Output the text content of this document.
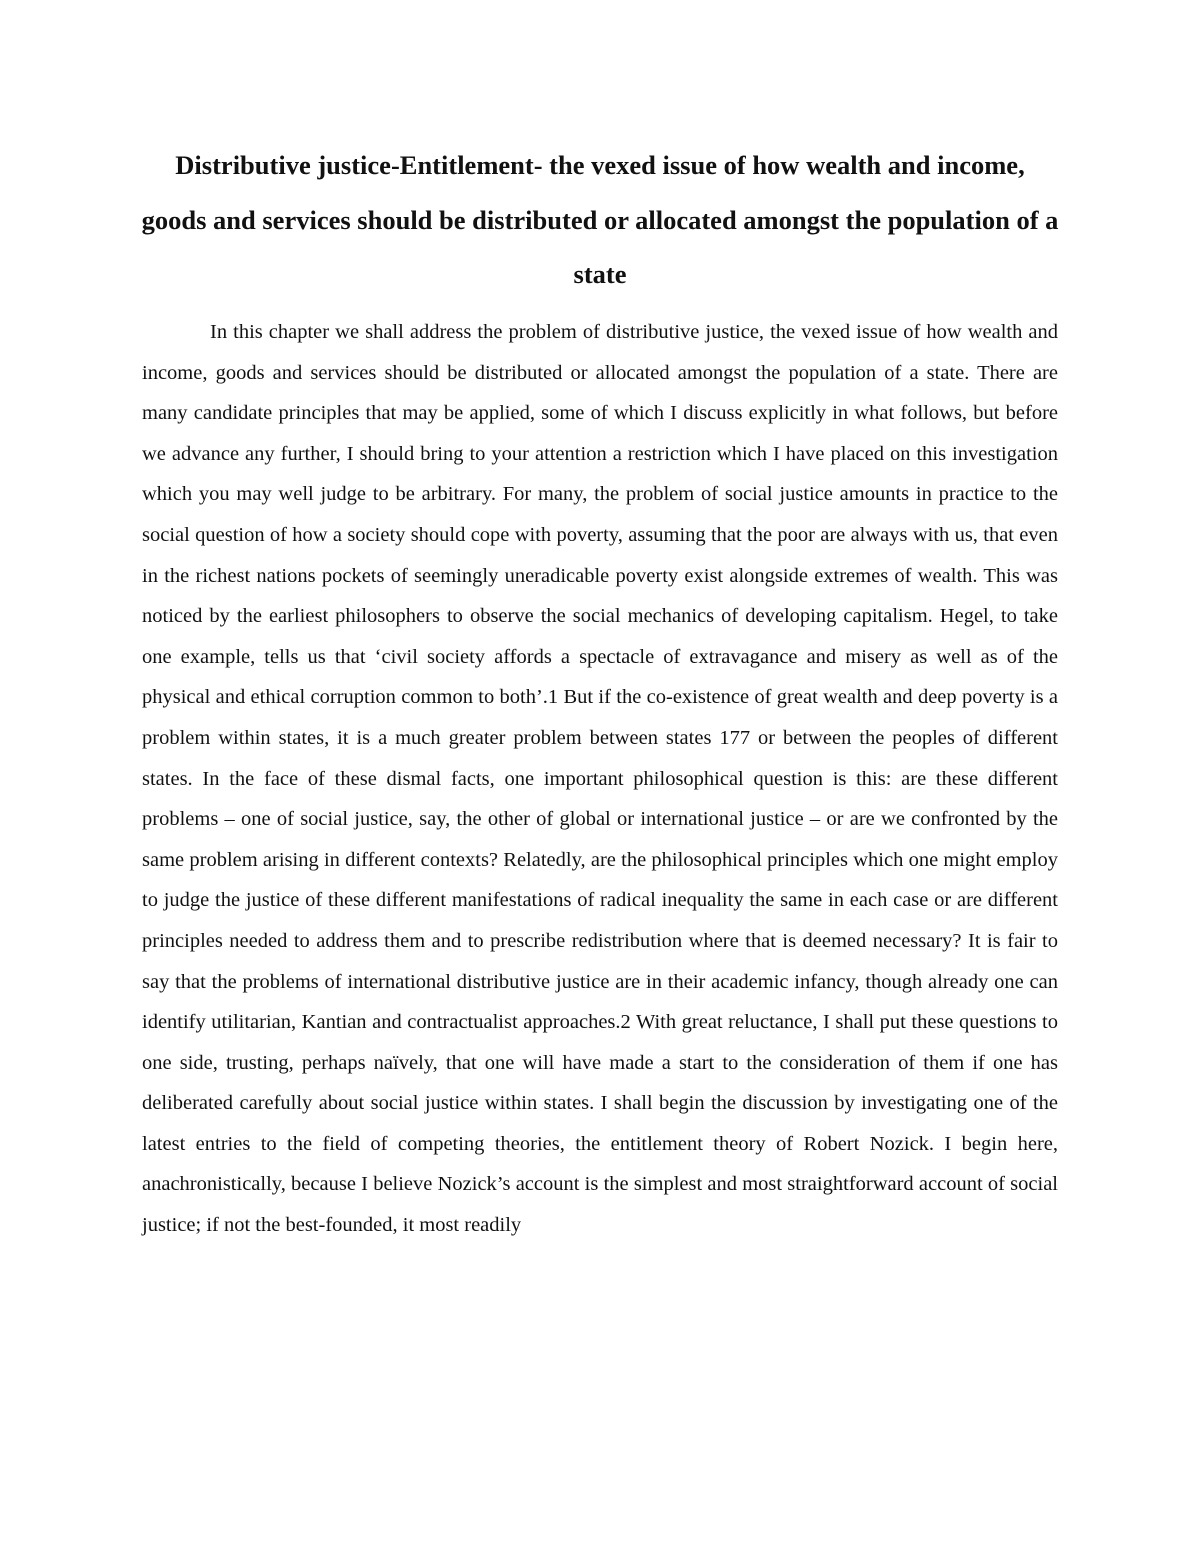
Distributive justice-Entitlement- the vexed issue of how wealth and income, goods and services should be distributed or allocated amongst the population of a state

In this chapter we shall address the problem of distributive justice, the vexed issue of how wealth and income, goods and services should be distributed or allocated amongst the population of a state. There are many candidate principles that may be applied, some of which I discuss explicitly in what follows, but before we advance any further, I should bring to your attention a restriction which I have placed on this investigation which you may well judge to be arbitrary. For many, the problem of social justice amounts in practice to the social question of how a society should cope with poverty, assuming that the poor are always with us, that even in the richest nations pockets of seemingly uneradicable poverty exist alongside extremes of wealth. This was noticed by the earliest philosophers to observe the social mechanics of developing capitalism. Hegel, to take one example, tells us that ‘civil society affords a spectacle of extravagance and misery as well as of the physical and ethical corruption common to both’.1 But if the co-existence of great wealth and deep poverty is a problem within states, it is a much greater problem between states 177 or between the peoples of different states. In the face of these dismal facts, one important philosophical question is this: are these different problems – one of social justice, say, the other of global or international justice – or are we confronted by the same problem arising in different contexts? Relatedly, are the philosophical principles which one might employ to judge the justice of these different manifestations of radical inequality the same in each case or are different principles needed to address them and to prescribe redistribution where that is deemed necessary? It is fair to say that the problems of international distributive justice are in their academic infancy, though already one can identify utilitarian, Kantian and contractualist approaches.2 With great reluctance, I shall put these questions to one side, trusting, perhaps naïvely, that one will have made a start to the consideration of them if one has deliberated carefully about social justice within states. I shall begin the discussion by investigating one of the latest entries to the field of competing theories, the entitlement theory of Robert Nozick. I begin here, anachronistically, because I believe Nozick’s account is the simplest and most straightforward account of social justice; if not the best-founded, it most readily
